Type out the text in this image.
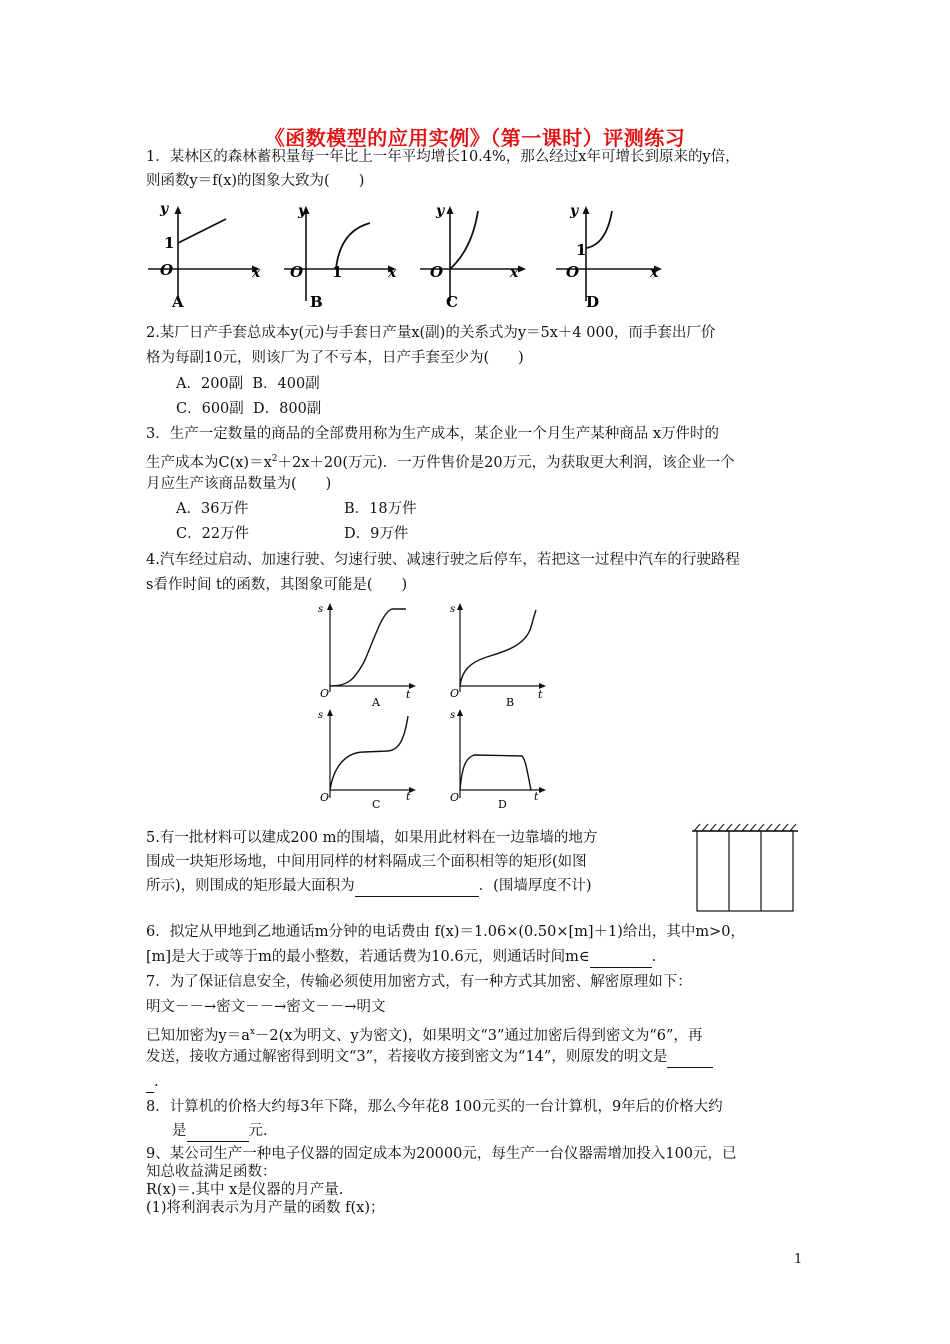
《函数模型的应用实例》（第一课时）评测练习
1．某林区的森林蓄积量每一年比上一年平均增长10.4%，那么经过x年可增长到原来的y倍，
则函数y＝f(x)的图象大致为(　　)
y
x
O
1
A
y
x
O 1
B
y
x
O
C
y
x
O
1
D
2.某厂日产手套总成本y(元)与手套日产量x(副)的关系式为y＝5x＋4 000，而手套出厂价
格为每副10元，则该厂为了不亏本，日产手套至少为(　　)
A．200副 B．400副
C．600副 D．800副
3．生产一定数量的商品的全部费用称为生产成本，某企业一个月生产某种商品 x万件时的
生产成本为$C(x)=x^2+2x+20$(万元)．一万件售价是20万元，为获取更大利润，该企业一个
月应生产该商品数量为(　　)
A．36万件	B．18万件
C．22万件	D．9万件
4.汽车经过启动、加速行驶、匀速行驶、减速行驶之后停车，若把这一过程中汽车的行驶路程
s看作时间 t的函数，其图象可能是(　　)
s
t
O
A
s
t
O
B
s
t
O
C
s
t
O
D
5.有一批材料可以建成200 m的围墙，如果用此材料在一边靠墙的地方
围成一块矩形场地，中间用同样的材料隔成三个面积相等的矩形(如图
所示)，则围成的矩形最大面积为	．(围墙厚度不计)
6．拟定从甲地到乙地通话m分钟的电话费由 f(x)＝1.06×(0.50×[m]＋1)给出，其中m>0，
[m]是大于或等于m的最小整数，若通话费为10.6元，则通话时间m∈	.
7．为了保证信息安全，传输必须使用加密方式，有一种方式其加密、解密原理如下：
明文－－→密文－－→密文－－→明文
已知加密为$y=a^x-2(x$为明文、y为密文)，如果明文“3”通过加密后得到密文为“6”，再
发送，接收方通过解密得到明文“3”，若接收方接到密文为“14”，则原发的明文是
.
8．计算机的价格大约每3年下降，那么今年花8 100元买的一台计算机，9年后的价格大约
是	元.
9、某公司生产一种电子仪器的固定成本为20000元，每生产一台仪器需增加投入100元，已
知总收益满足函数：
R(x)＝.其中 x是仪器的月产量.
(1)将利润表示为月产量的函数 f(x)；
1
